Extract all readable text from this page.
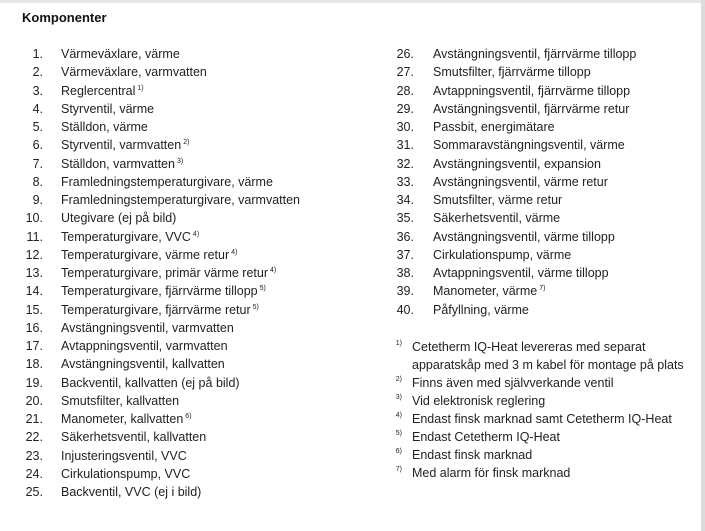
Komponenter
1. Värmeväxlare, värme
2. Värmeväxlare, varmvatten
3. Reglercentral $^{1)}$
4. Styrventil, värme
5. Ställdon, värme
6. Styrventil, varmvatten $^{2)}$
7. Ställdon, varmvatten $^{3)}$
8. Framledningstemperaturgivare, värme
9. Framledningstemperaturgivare, varmvatten
10. Utegivare (ej på bild)
11. Temperaturgivare, VVC $^{4)}$
12. Temperaturgivare, värme retur $^{4)}$
13. Temperaturgivare, primär värme retur $^{4)}$
14. Temperaturgivare, fjärrvärme tillopp $^{5)}$
15. Temperaturgivare, fjärrvärme retur $^{5)}$
16. Avstängningsventil, varmvatten
17. Avtappningsventil, varmvatten
18. Avstängningsventil, kallvatten
19. Backventil, kallvatten (ej på bild)
20. Smutsfilter, kallvatten
21. Manometer, kallvatten $^{6)}$
22. Säkerhetsventil, kallvatten
23. Injusteringsventil, VVC
24. Cirkulationspump, VVC
25. Backventil, VVC (ej i bild)
26. Avstängningsventil, fjärrvärme tillopp
27. Smutsfilter, fjärrvärme tillopp
28. Avtappningsventil, fjärrvärme tillopp
29. Avstängningsventil, fjärrvärme retur
30. Passbit, energimätare
31. Sommaravstängningsventil, värme
32. Avstängningsventil, expansion
33. Avstängningsventil, värme retur
34. Smutsfilter, värme retur
35. Säkerhetsventil, värme
36. Avstängningsventil, värme tillopp
37. Cirkulationspump, värme
38. Avtappningsventil, värme tillopp
39. Manometer, värme $^{7)}$
40. Påfyllning, värme
1) Cetetherm IQ-Heat levereras med separat apparatskåp med 3 m kabel för montage på plats
2) Finns även med självverkande ventil
3) Vid elektronisk reglering
4) Endast finsk marknad samt Cetetherm IQ-Heat
5) Endast Cetetherm IQ-Heat
6) Endast finsk marknad
7) Med alarm för finsk marknad
